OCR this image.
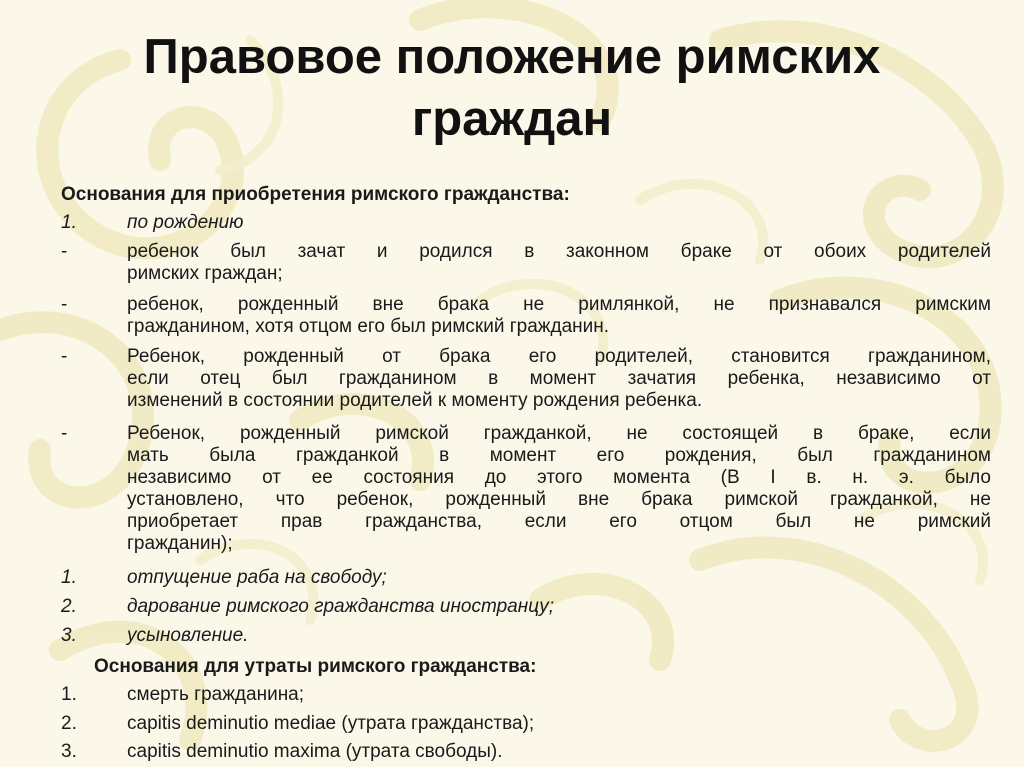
Правовое положение римских
граждан
Основания для приобретения римского гражданства:
1.	по рождению
-	ребенок был зачат и родился в законном браке от обоих родителей
римских граждан;
-	ребенок, рожденный вне брака не римлянкой, не признавался римским
гражданином, хотя отцом его был римский гражданин.
-	Ребенок, рожденный от брака его родителей, становится гражданином,
если отец был гражданином в момент зачатия ребенка, независимо от
изменений в состоянии родителей к моменту рождения ребенка.
-	Ребенок, рожденный римской гражданкой, не состоящей в браке, если
мать была гражданкой в момент его рождения, был гражданином
независимо от ее состояния до этого момента (В I в. н. э. было
установлено, что ребенок, рожденный вне брака римской гражданкой, не
приобретает прав гражданства, если его отцом был не римский
гражданин);
1.	отпущение раба на свободу;
2.	дарование римского гражданства иностранцу;
3.	усыновление.
Основания для утраты римского гражданства:
1.	смерть гражданина;
2.	capitis deminutio mediae (утрата гражданства);
3.	capitis deminutio maxima (утрата свободы).
